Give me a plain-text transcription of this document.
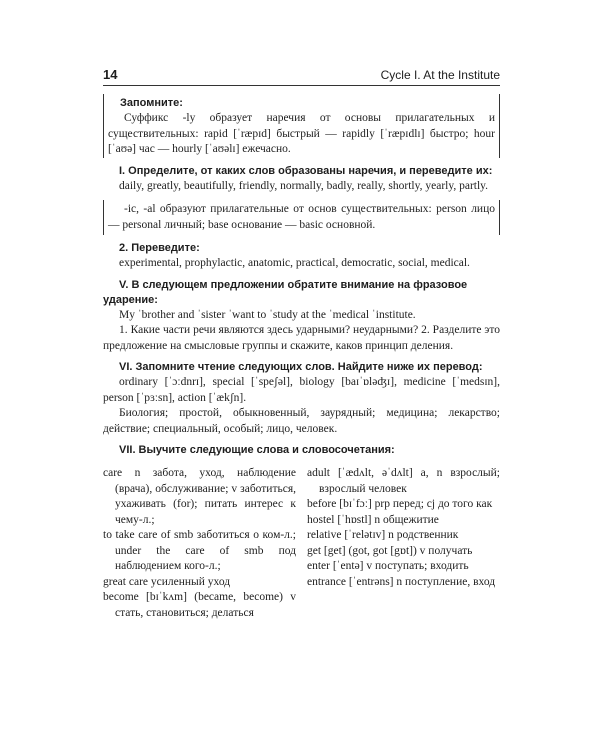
14	Cycle I. At the Institute
Запомните:
Суффикс -ly образует наречия от основы прилагательных и существительных: rapid [ˈræpɪd] быстрый — rapidly [ˈræpɪdlɪ] быстро; hour [ˈaʊə] час — hourly [ˈaʊəlɪ] ежечасно.
I. Определите, от каких слов образованы наречия, и переведите их:
daily, greatly, beautifully, friendly, normally, badly, really, shortly, yearly, partly.
-ic, -al образуют прилагательные от основ существительных: person лицо — personal личный; base основание — basic основной.
2. Переведите:
experimental, prophylactic, anatomic, practical, democratic, social, medical.
V. В следующем предложении обратите внимание на фразовое ударение:
My ˈbrother and ˈsister ˈwant to ˈstudy at the ˈmedical ˈinstitute.
1. Какие части речи являются здесь ударными? неударными? 2. Разделите это предложение на смысловые группы и скажите, каков принцип деления.
VI. Запомните чтение следующих слов. Найдите ниже их перевод:
ordinary [ˈɔːdnrɪ], special [ˈspeʃəl], biology [baɪˈɒləʤɪ], medicine [ˈmedsɪn], person [ˈpɜːsn], action [ˈækʃn].
Биология; простой, обыкновенный, заурядный; медицина; лекарство; действие; специальный, особый; лицо, человек.
VII. Выучите следующие слова и словосочетания:
care n забота, уход, наблюдение (врача), обслуживание; v заботиться, ухаживать (for); питать интерес к чему-л.;
to take care of smb заботиться о ком-л.; under the care of smb под наблюдением кого-л.;
great care усиленный уход
become [bɪˈkʌm] (became, become) v стать, становиться; делаться
adult [ˈædʌlt, əˈdʌlt] a, n взрослый; взрослый человек
before [bɪˈfɔː] prp перед; cj до того как
hostel [ˈhɒstl] n общежитие
relative [ˈrelətɪv] n родственник
get [get] (got, got [gɒt]) v получать
enter [ˈentə] v поступать; входить
entrance [ˈentrəns] n поступление, вход
